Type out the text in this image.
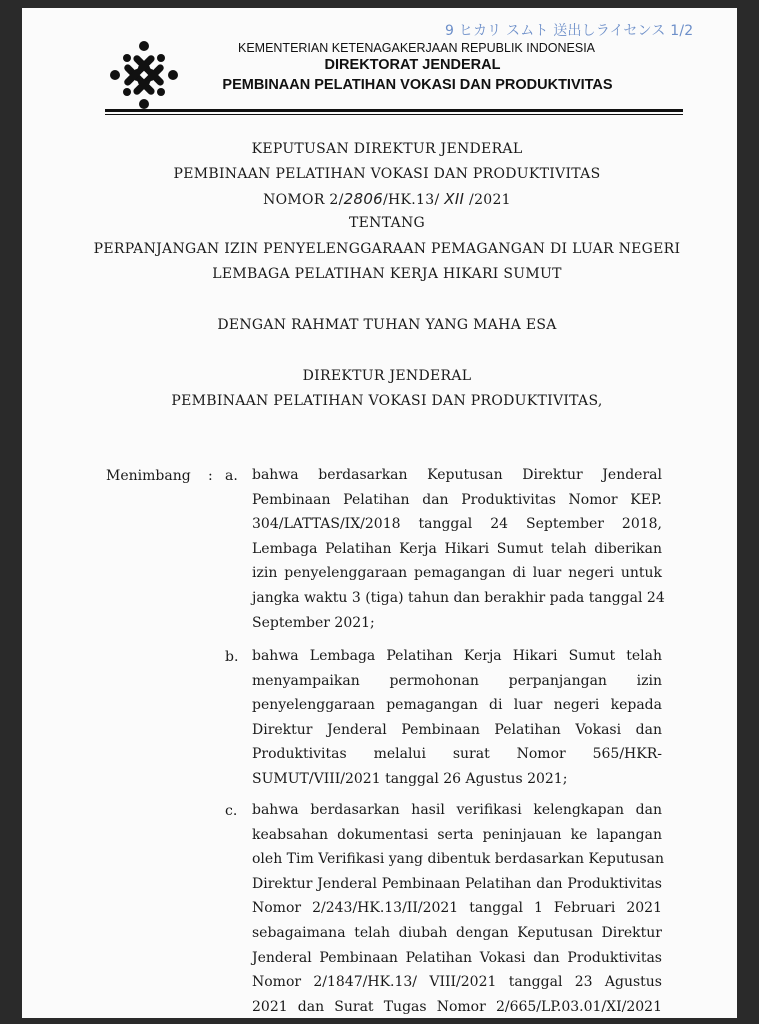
9 ヒカリ スムト 送出しライセンス 1/2
KEMENTERIAN KETENAGAKERJAAN REPUBLIK INDONESIA
DIREKTORAT JENDERAL
PEMBINAAN PELATIHAN VOKASI DAN PRODUKTIVITAS
KEPUTUSAN DIREKTUR JENDERAL
PEMBINAAN PELATIHAN VOKASI DAN PRODUKTIVITAS
NOMOR 2/2806/HK.13/ XII /2021
TENTANG
PERPANJANGAN IZIN PENYELENGGARAAN PEMAGANGAN DI LUAR NEGERI
LEMBAGA PELATIHAN KERJA HIKARI SUMUT
DENGAN RAHMAT TUHAN YANG MAHA ESA
DIREKTUR JENDERAL
PEMBINAAN PELATIHAN VOKASI DAN PRODUKTIVITAS,
Menimbang : a. bahwa berdasarkan Keputusan Direktur Jenderal
Pembinaan Pelatihan dan Produktivitas Nomor KEP.
304/LATTAS/IX/2018 tanggal 24 September 2018,
Lembaga Pelatihan Kerja Hikari Sumut telah diberikan
izin penyelenggaraan pemagangan di luar negeri untuk
jangka waktu 3 (tiga) tahun dan berakhir pada tanggal 24
September 2021;
b. bahwa Lembaga Pelatihan Kerja Hikari Sumut telah
menyampaikan permohonan perpanjangan izin
penyelenggaraan pemagangan di luar negeri kepada
Direktur Jenderal Pembinaan Pelatihan Vokasi dan
Produktivitas melalui surat Nomor 565/HKR-
SUMUT/VIII/2021 tanggal 26 Agustus 2021;
c. bahwa berdasarkan hasil verifikasi kelengkapan dan
keabsahan dokumentasi serta peninjauan ke lapangan
oleh Tim Verifikasi yang dibentuk berdasarkan Keputusan
Direktur Jenderal Pembinaan Pelatihan dan Produktivitas
Nomor 2/243/HK.13/II/2021 tanggal 1 Februari 2021
sebagaimana telah diubah dengan Keputusan Direktur
Jenderal Pembinaan Pelatihan Vokasi dan Produktivitas
Nomor 2/1847/HK.13/ VIII/2021 tanggal 23 Agustus
2021 dan Surat Tugas Nomor 2/665/LP.03.01/XI/2021
